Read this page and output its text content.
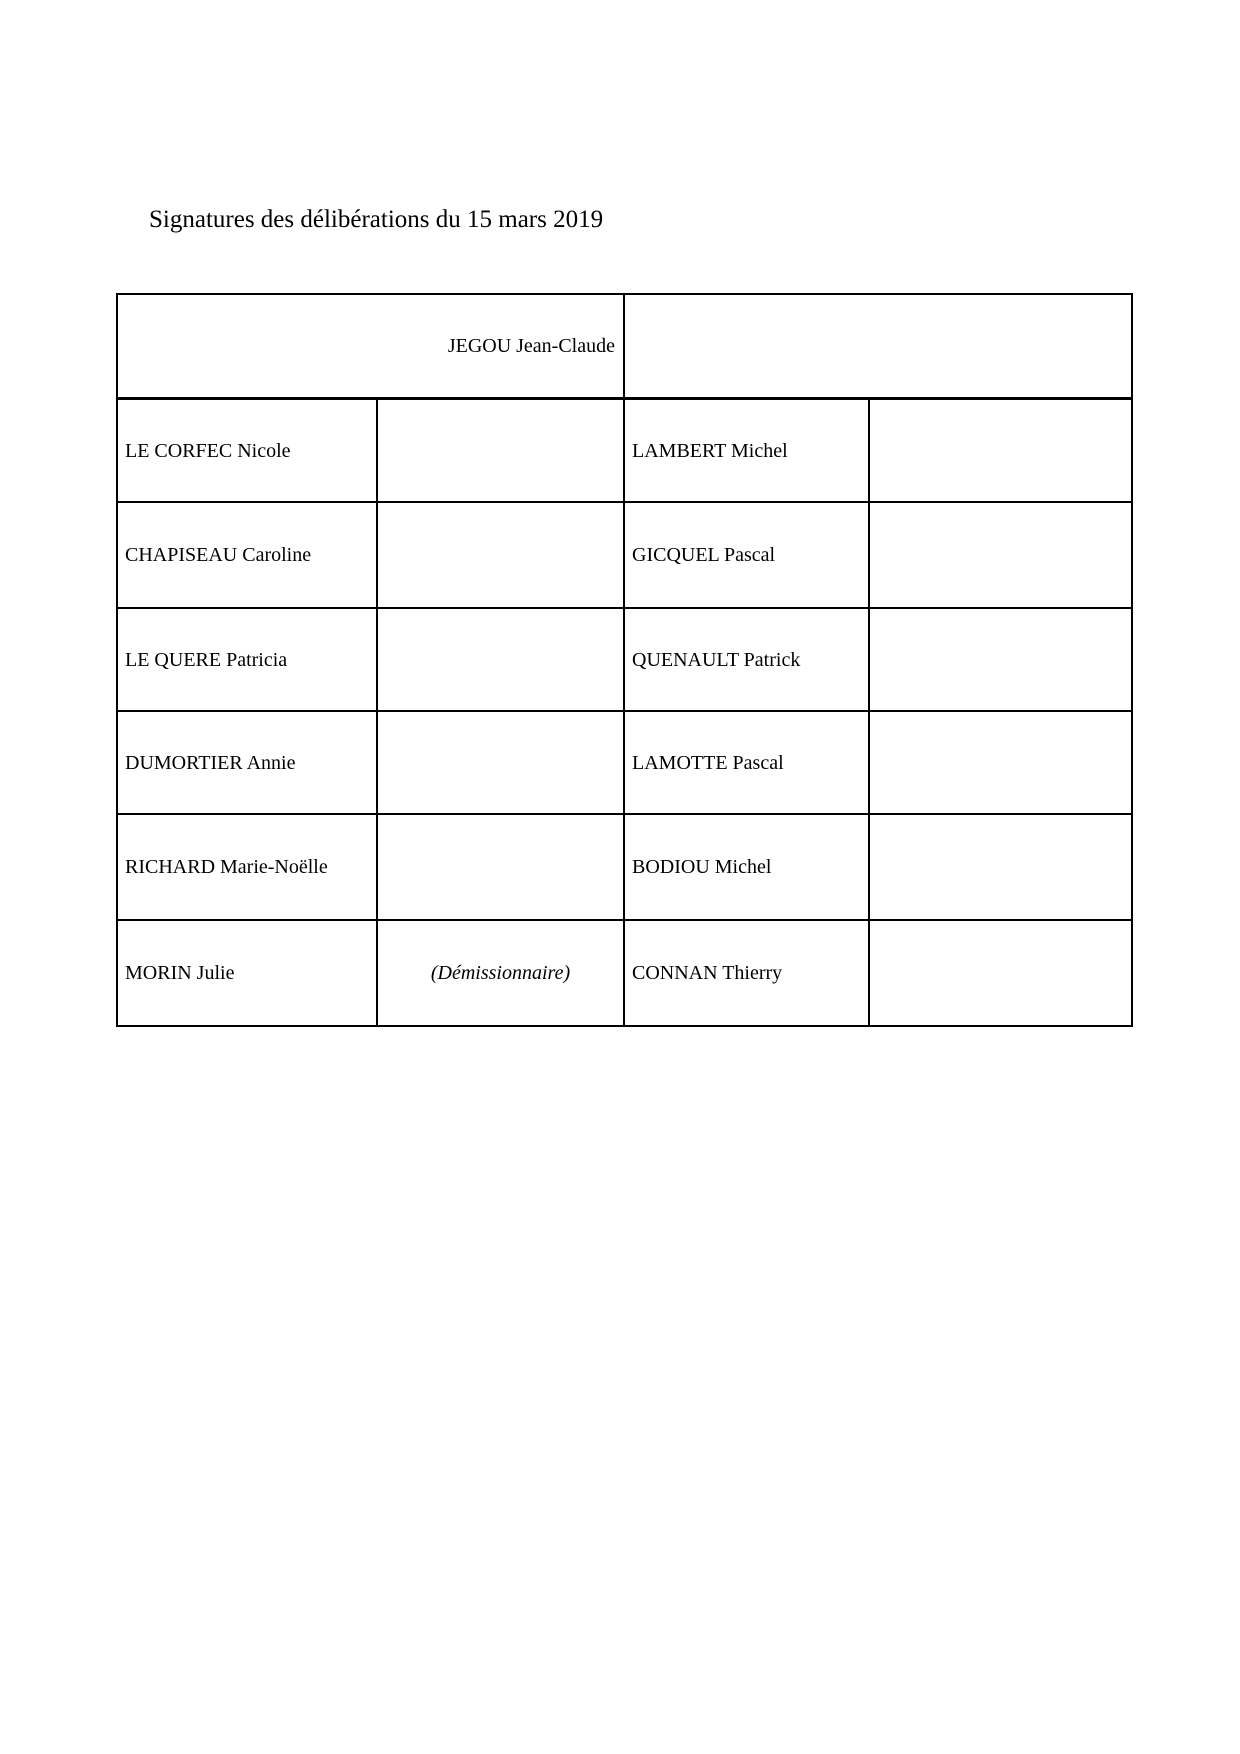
Signatures des délibérations du 15 mars 2019
JEGOU Jean-Claude			
LE CORFEC Nicole		LAMBERT Michel	
CHAPISEAU Caroline		GICQUEL Pascal	
LE QUERE Patricia		QUENAULT Patrick	
DUMORTIER Annie		LAMOTTE Pascal	
RICHARD Marie-Noëlle		BODIOU Michel	
MORIN Julie	(Démissionnaire)	CONNAN Thierry	
